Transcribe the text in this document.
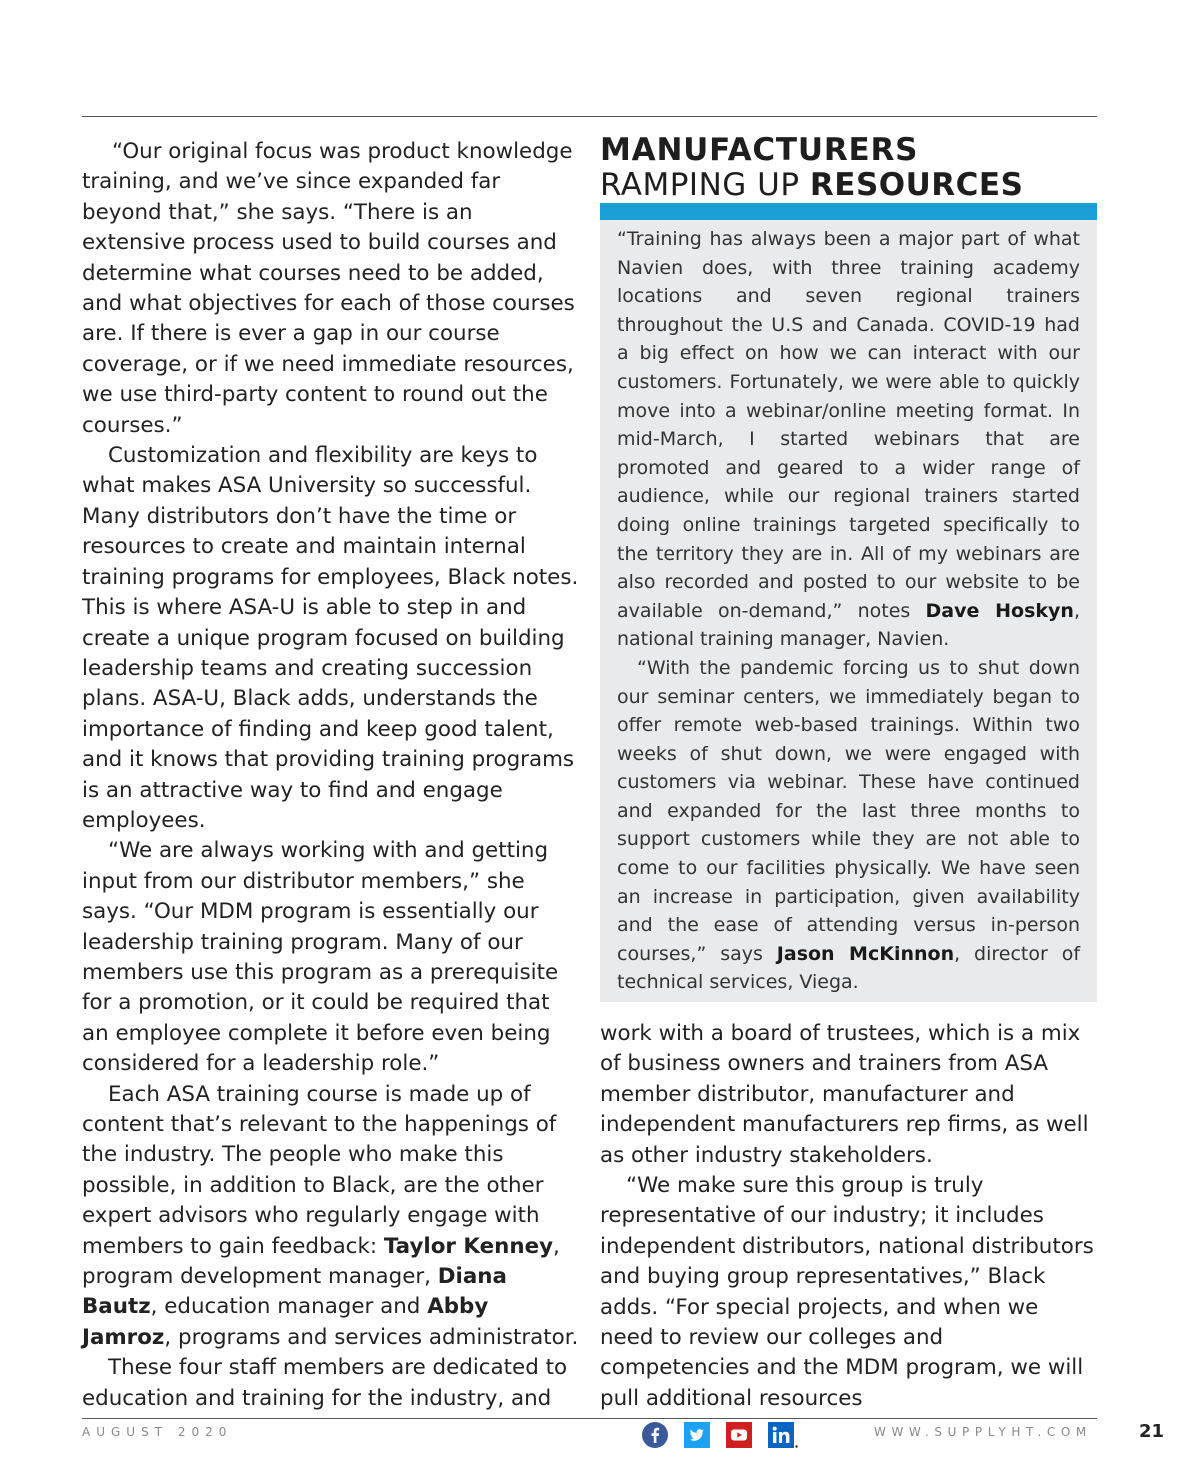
“Our original focus was product knowledge training, and we’ve since expanded far beyond that,” she says. “There is an extensive process used to build courses and determine what courses need to be added, and what objectives for each of those courses are. If there is ever a gap in our course coverage, or if we need immediate resources, we use third-party content to round out the courses.”

Customization and flexibility are keys to what makes ASA University so successful. Many distributors don’t have the time or resources to create and maintain internal training programs for employees, Black notes. This is where ASA-U is able to step in and create a unique program focused on building leadership teams and creating succession plans. ASA-U, Black adds, understands the importance of finding and keep good talent, and it knows that providing training programs is an attractive way to find and engage employees.

“We are always working with and getting input from our distributor members,” she says. “Our MDM program is essentially our leadership training program. Many of our members use this program as a prerequisite for a promotion, or it could be required that an employee complete it before even being considered for a leadership role.”

Each ASA training course is made up of content that’s relevant to the happenings of the industry. The people who make this possible, in addition to Black, are the other expert advisors who regularly engage with members to gain feedback: Taylor Kenney, program development manager, Diana Bautz, education manager and Abby Jamroz, programs and services administrator.

These four staff members are dedicated to education and training for the industry, and

MANUFACTURERS
RAMPING UP RESOURCES

“Training has always been a major part of what Navien does, with three training academy locations and seven regional trainers throughout the U.S and Canada. COVID-19 had a big effect on how we can interact with our customers. Fortunately, we were able to quickly move into a webinar/online meeting format. In mid-March, I started webinars that are promoted and geared to a wider range of audience, while our regional trainers started doing online trainings targeted specifically to the territory they are in. All of my webinars are also recorded and posted to our website to be available on-demand,” notes Dave Hoskyn, national training manager, Navien.

“With the pandemic forcing us to shut down our seminar centers, we immediately began to offer remote web-based trainings. Within two weeks of shut down, we were engaged with customers via webinar. These have continued and expanded for the last three months to support customers while they are not able to come to our facilities physically. We have seen an increase in participation, given availability and the ease of attending versus in-person courses,” says Jason McKinnon, director of technical services, Viega.

work with a board of trustees, which is a mix of business owners and trainers from ASA member distributor, manufacturer and independent manufacturers rep firms, as well as other industry stakeholders.

“We make sure this group is truly representative of our industry; it includes independent distributors, national distributors and buying group representatives,” Black adds. “For special projects, and when we need to review our colleges and competencies and the MDM program, we will pull additional resources

AUGUST 2020	WWW.SUPPLYHT.COM	21
